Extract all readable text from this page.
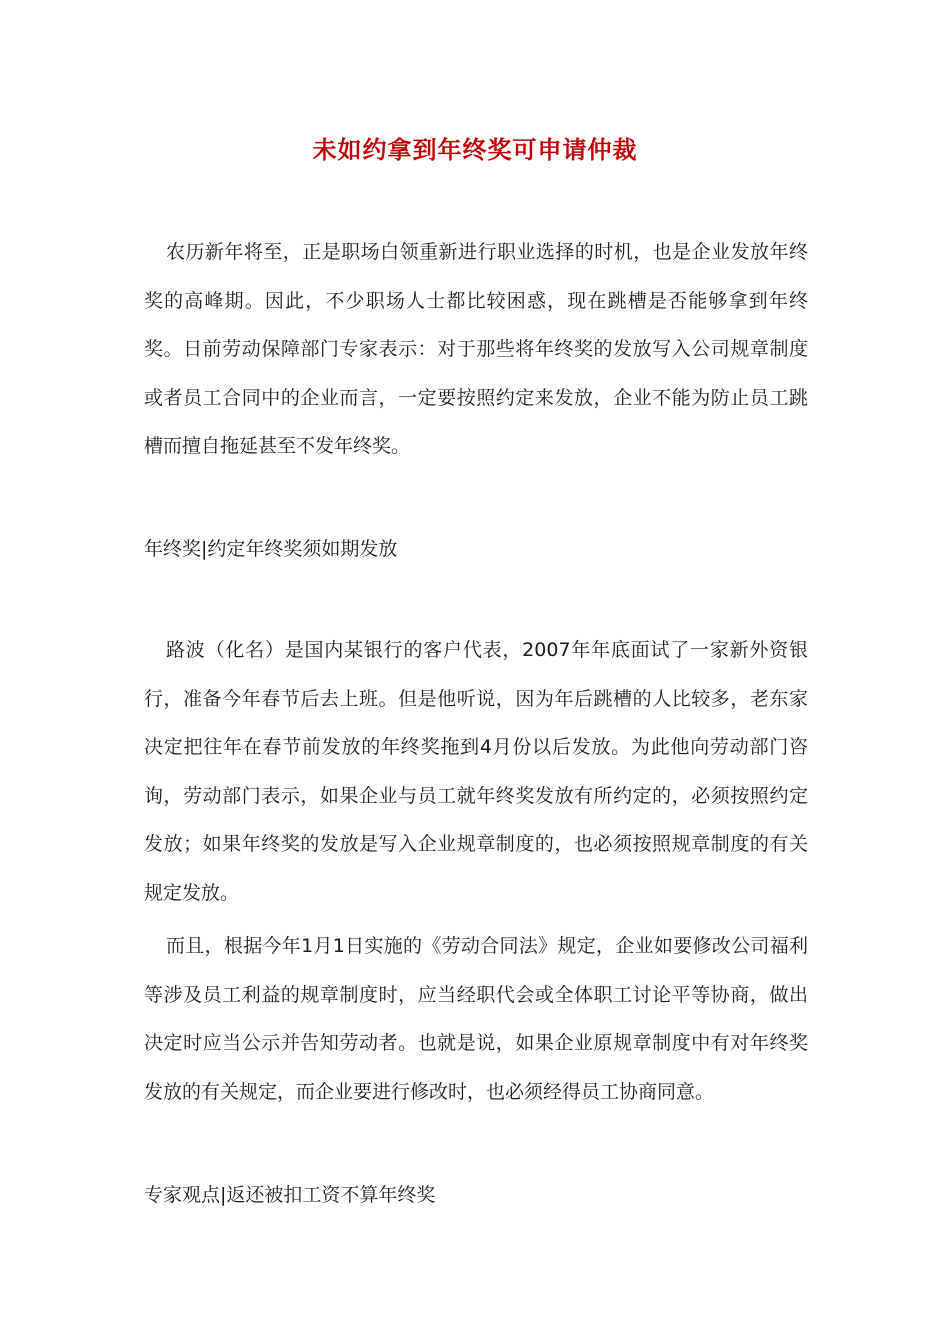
未如约拿到年终奖可申请仲裁

农历新年将至，正是职场白领重新进行职业选择的时机，也是企业发放年终奖的高峰期。因此，不少职场人士都比较困惑，现在跳槽是否能够拿到年终奖。日前劳动保障部门专家表示：对于那些将年终奖的发放写入公司规章制度或者员工合同中的企业而言，一定要按照约定来发放，企业不能为防止员工跳槽而擅自拖延甚至不发年终奖。

年终奖|约定年终奖须如期发放

路波（化名）是国内某银行的客户代表，2007年年底面试了一家新外资银行，准备今年春节后去上班。但是他听说，因为年后跳槽的人比较多，老东家决定把往年在春节前发放的年终奖拖到4月份以后发放。为此他向劳动部门咨询，劳动部门表示，如果企业与员工就年终奖发放有所约定的，必须按照约定发放；如果年终奖的发放是写入企业规章制度的，也必须按照规章制度的有关规定发放。

而且，根据今年1月1日实施的《劳动合同法》规定，企业如要修改公司福利等涉及员工利益的规章制度时，应当经职代会或全体职工讨论平等协商，做出决定时应当公示并告知劳动者。也就是说，如果企业原规章制度中有对年终奖发放的有关规定，而企业要进行修改时，也必须经得员工协商同意。

专家观点|返还被扣工资不算年终奖
